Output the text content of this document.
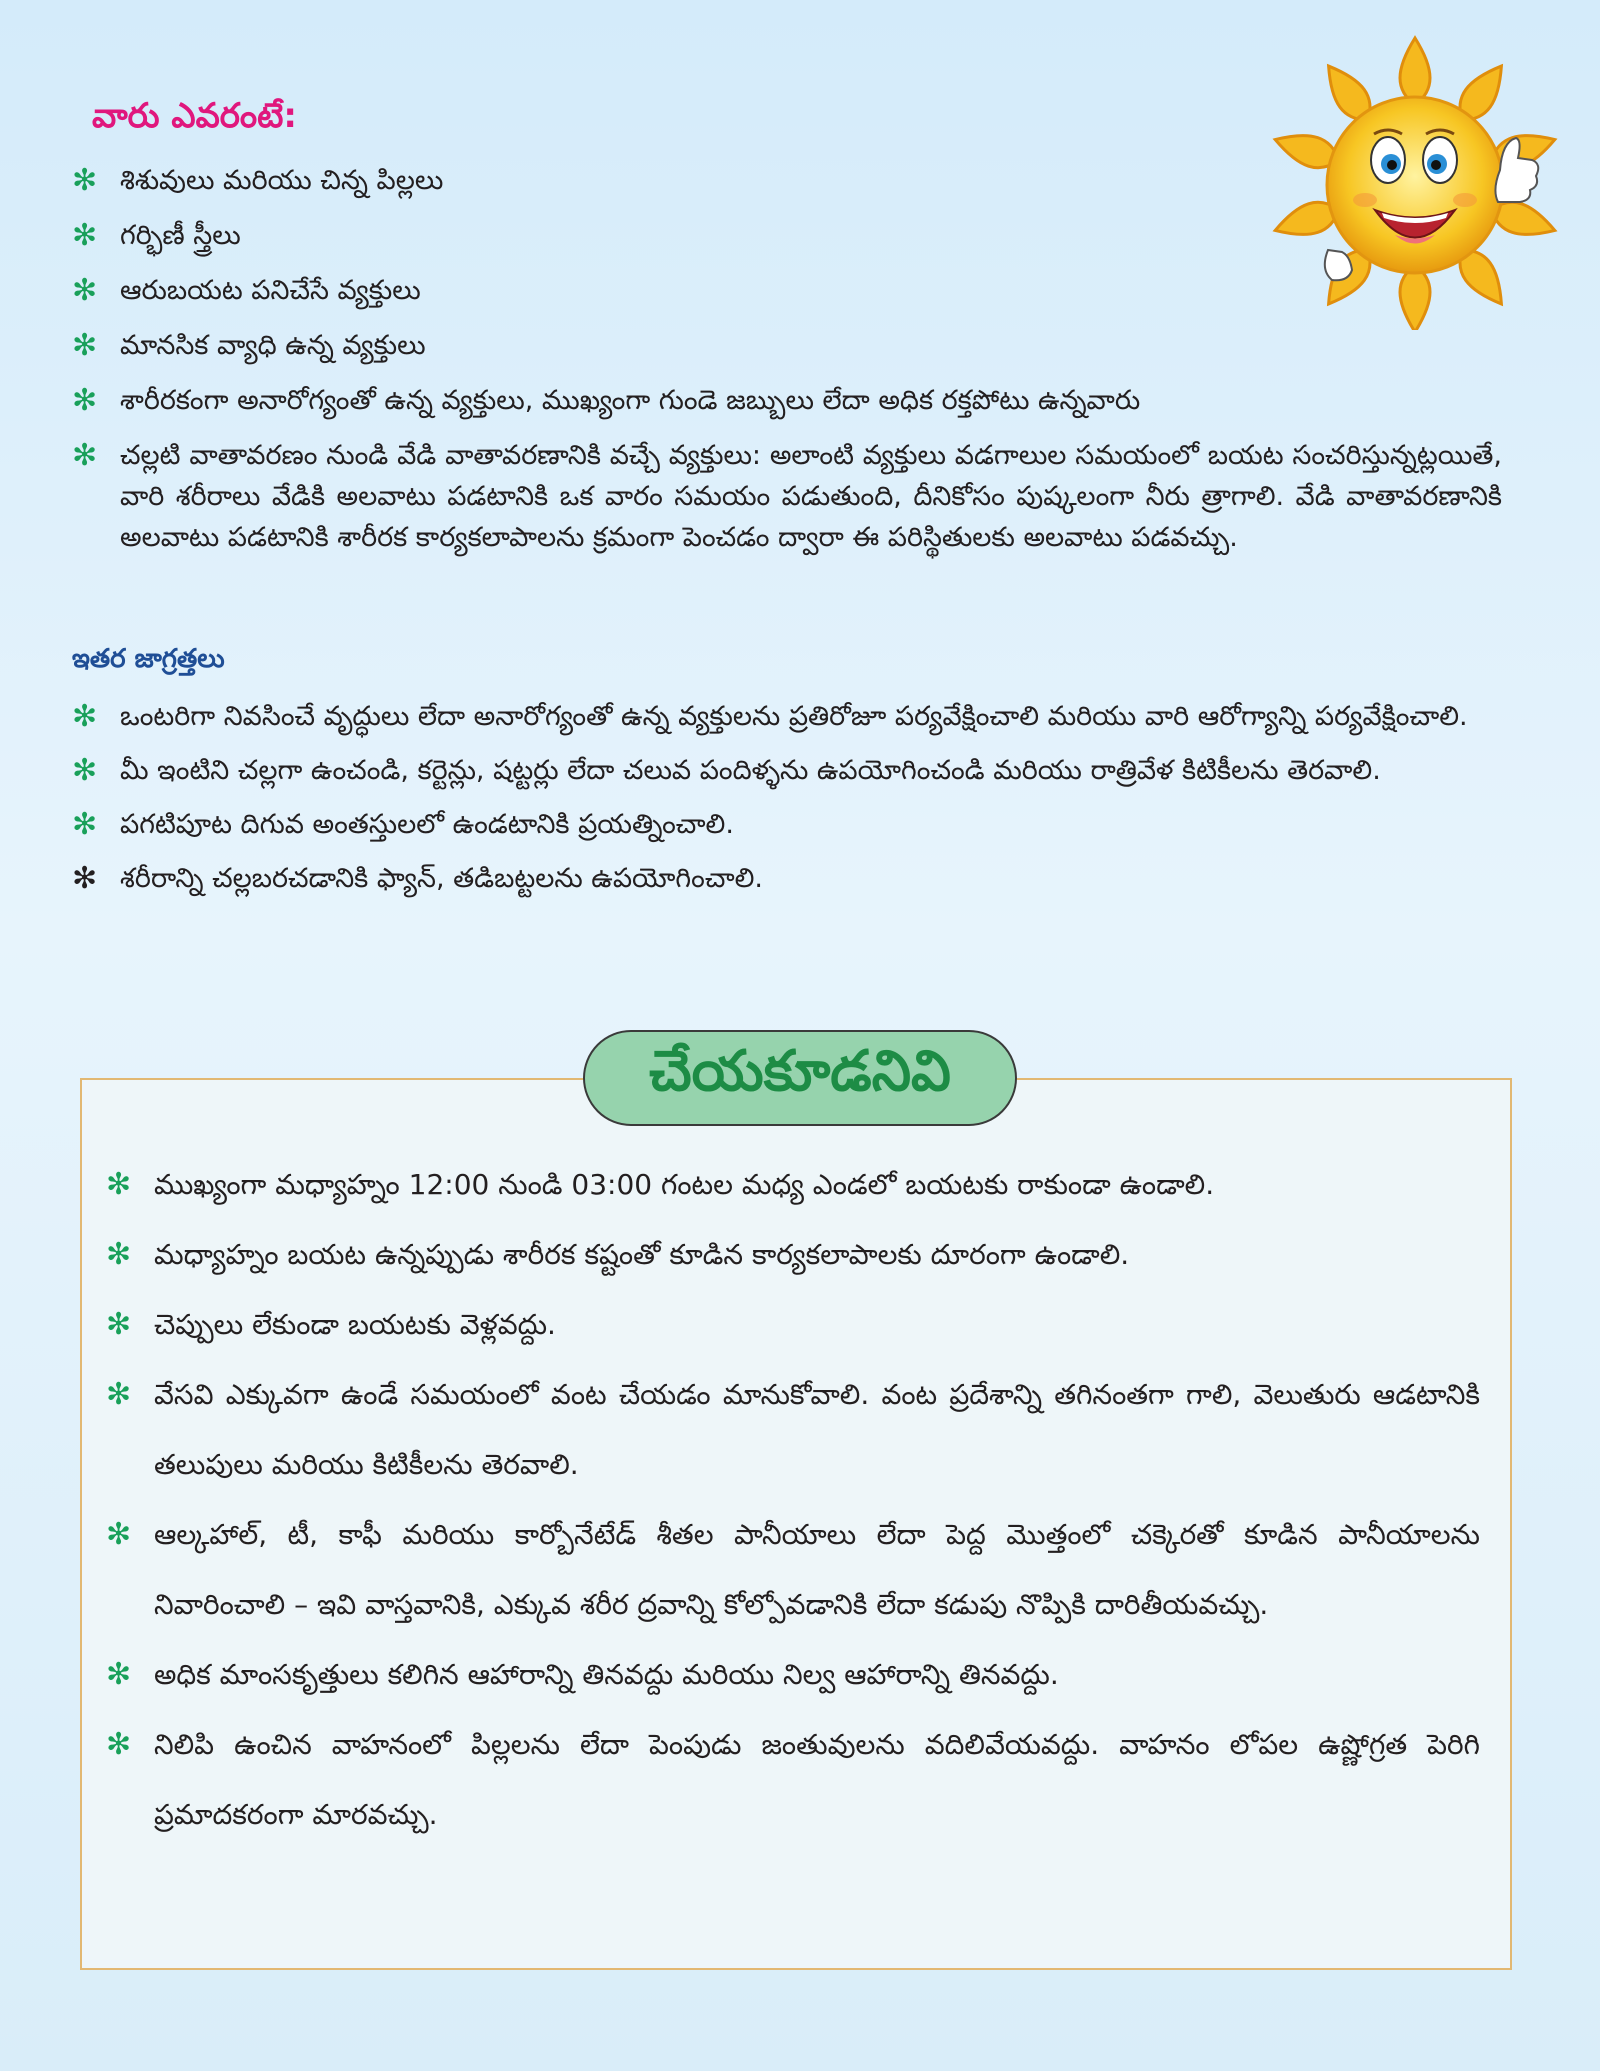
వారు ఎవరంటే:
✻ శిశువులు మరియు చిన్న పిల్లలు
✻ గర్భిణీ స్త్రీలు
✻ ఆరుబయట పనిచేసే వ్యక్తులు
✻ మానసిక వ్యాధి ఉన్న వ్యక్తులు
✻ శారీరకంగా అనారోగ్యంతో ఉన్న వ్యక్తులు, ముఖ్యంగా గుండె జబ్బులు లేదా అధిక రక్తపోటు ఉన్నవారు
✻ చల్లటి వాతావరణం నుండి వేడి వాతావరణానికి వచ్చే వ్యక్తులు: అలాంటి వ్యక్తులు వడగాలుల సమయంలో బయట సంచరిస్తున్నట్లయితే, వారి శరీరాలు వేడికి అలవాటు పడటానికి ఒక వారం సమయం పడుతుంది, దీనికోసం పుష్కలంగా నీరు త్రాగాలి. వేడి వాతావరణానికి అలవాటు పడటానికి శారీరక కార్యకలాపాలను క్రమంగా పెంచడం ద్వారా ఈ పరిస్థితులకు అలవాటు పడవచ్చు.
ఇతర జాగ్రత్తలు
✻ ఒంటరిగా నివసించే వృద్ధులు లేదా అనారోగ్యంతో ఉన్న వ్యక్తులను ప్రతిరోజూ పర్యవేక్షించాలి మరియు వారి ఆరోగ్యాన్ని పర్యవేక్షించాలి.
✻ మీ ఇంటిని చల్లగా ఉంచండి, కర్టెన్లు, షట్టర్లు లేదా చలువ పందిళ్ళను ఉపయోగించండి మరియు రాత్రివేళ కిటికీలను తెరవాలి.
✻ పగటిపూట దిగువ అంతస్తులలో ఉండటానికి ప్రయత్నించాలి.
✻ శరీరాన్ని చల్లబరచడానికి ఫ్యాన్, తడిబట్టలను ఉపయోగించాలి.
చేయకూడనివి
✻ ముఖ్యంగా మధ్యాహ్నం 12:00 నుండి 03:00 గంటల మధ్య ఎండలో బయటకు రాకుండా ఉండాలి.
✻ మధ్యాహ్నం బయట ఉన్నప్పుడు శారీరక కష్టంతో కూడిన కార్యకలాపాలకు దూరంగా ఉండాలి.
✻ చెప్పులు లేకుండా బయటకు వెళ్లవద్దు.
✻ వేసవి ఎక్కువగా ఉండే సమయంలో వంట చేయడం మానుకోవాలి. వంట ప్రదేశాన్ని తగినంతగా గాలి, వెలుతురు ఆడటానికి తలుపులు మరియు కిటికీలను తెరవాలి.
✻ ఆల్కహాల్, టీ, కాఫీ మరియు కార్బోనేటేడ్ శీతల పానీయాలు లేదా పెద్ద మొత్తంలో చక్కెరతో కూడిన పానీయాలను నివారించాలి – ఇవి వాస్తవానికి, ఎక్కువ శరీర ద్రవాన్ని కోల్పోవడానికి లేదా కడుపు నొప్పికి దారితీయవచ్చు.
✻ అధిక మాంసకృత్తులు కలిగిన ఆహారాన్ని తినవద్దు మరియు నిల్వ ఆహారాన్ని తినవద్దు.
✻ నిలిపి ఉంచిన వాహనంలో పిల్లలను లేదా పెంపుడు జంతువులను వదిలివేయవద్దు. వాహనం లోపల ఉష్ణోగ్రత పెరిగి ప్రమాదకరంగా మారవచ్చు.
